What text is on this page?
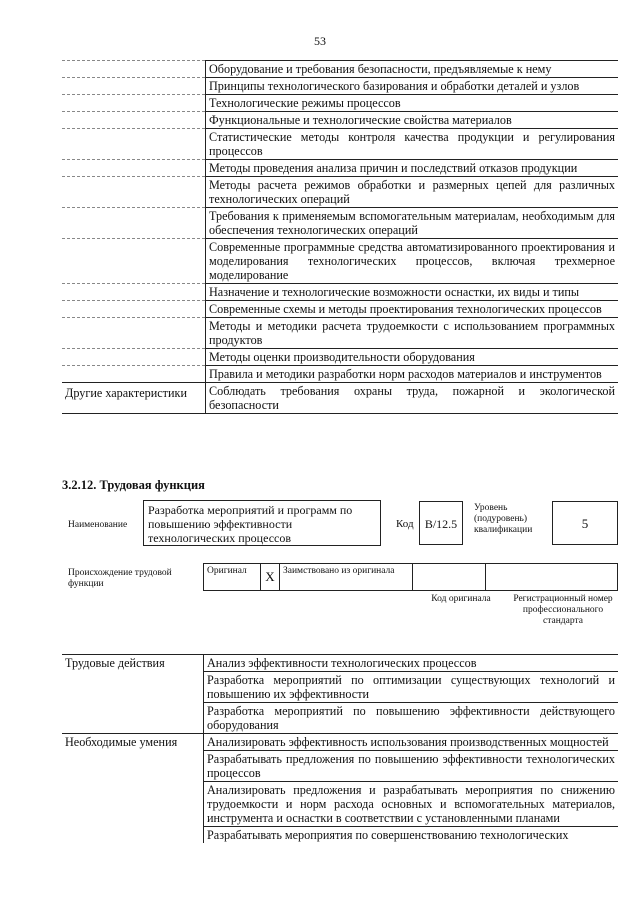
53
	Оборудование и требования безопасности, предъявляемые к нему
	Принципы технологического базирования и обработки деталей и узлов
	Технологические режимы процессов
	Функциональные и технологические свойства материалов
	Статистические методы контроля качества продукции и регулирования процессов
	Методы проведения анализа причин и последствий отказов продукции
	Методы расчета режимов обработки и размерных цепей для различных технологических операций
	Требования к применяемым вспомогательным материалам, необходимым для обеспечения технологических операций
	Современные программные средства автоматизированного проектирования и моделирования технологических процессов, включая трехмерное моделирование
	Назначение и технологические возможности оснастки, их виды и типы
	Современные схемы и методы проектирования технологических процессов
	Методы и методики расчета трудоемкости с использованием программных продуктов
	Методы оценки производительности оборудования
	Правила и методики разработки норм расходов материалов и инструментов
Другие характеристики	Соблюдать требования охраны труда, пожарной и экологической безопасности
3.2.12. Трудовая функция
Наименование
Разработка мероприятий и программ по повышению эффективности технологических процессов
Код B/12.5
Уровень (подуровень) квалификации	5
Происхождение трудовой функции
Оригинал	X	Заимствовано из оригинала		
Код оригинала	Регистрационный номер профессионального стандарта
Трудовые действия	Анализ эффективности технологических процессов
	Разработка мероприятий по оптимизации существующих технологий и повышению их эффективности
	Разработка мероприятий по повышению эффективности действующего оборудования
Необходимые умения	Анализировать эффективность использования производственных мощностей
	Разрабатывать предложения по повышению эффективности технологических процессов
	Анализировать предложения и разрабатывать мероприятия по снижению трудоемкости и норм расхода основных и вспомогательных материалов, инструмента и оснастки в соответствии с установленными планами
	Разрабатывать мероприятия по совершенствованию технологических
